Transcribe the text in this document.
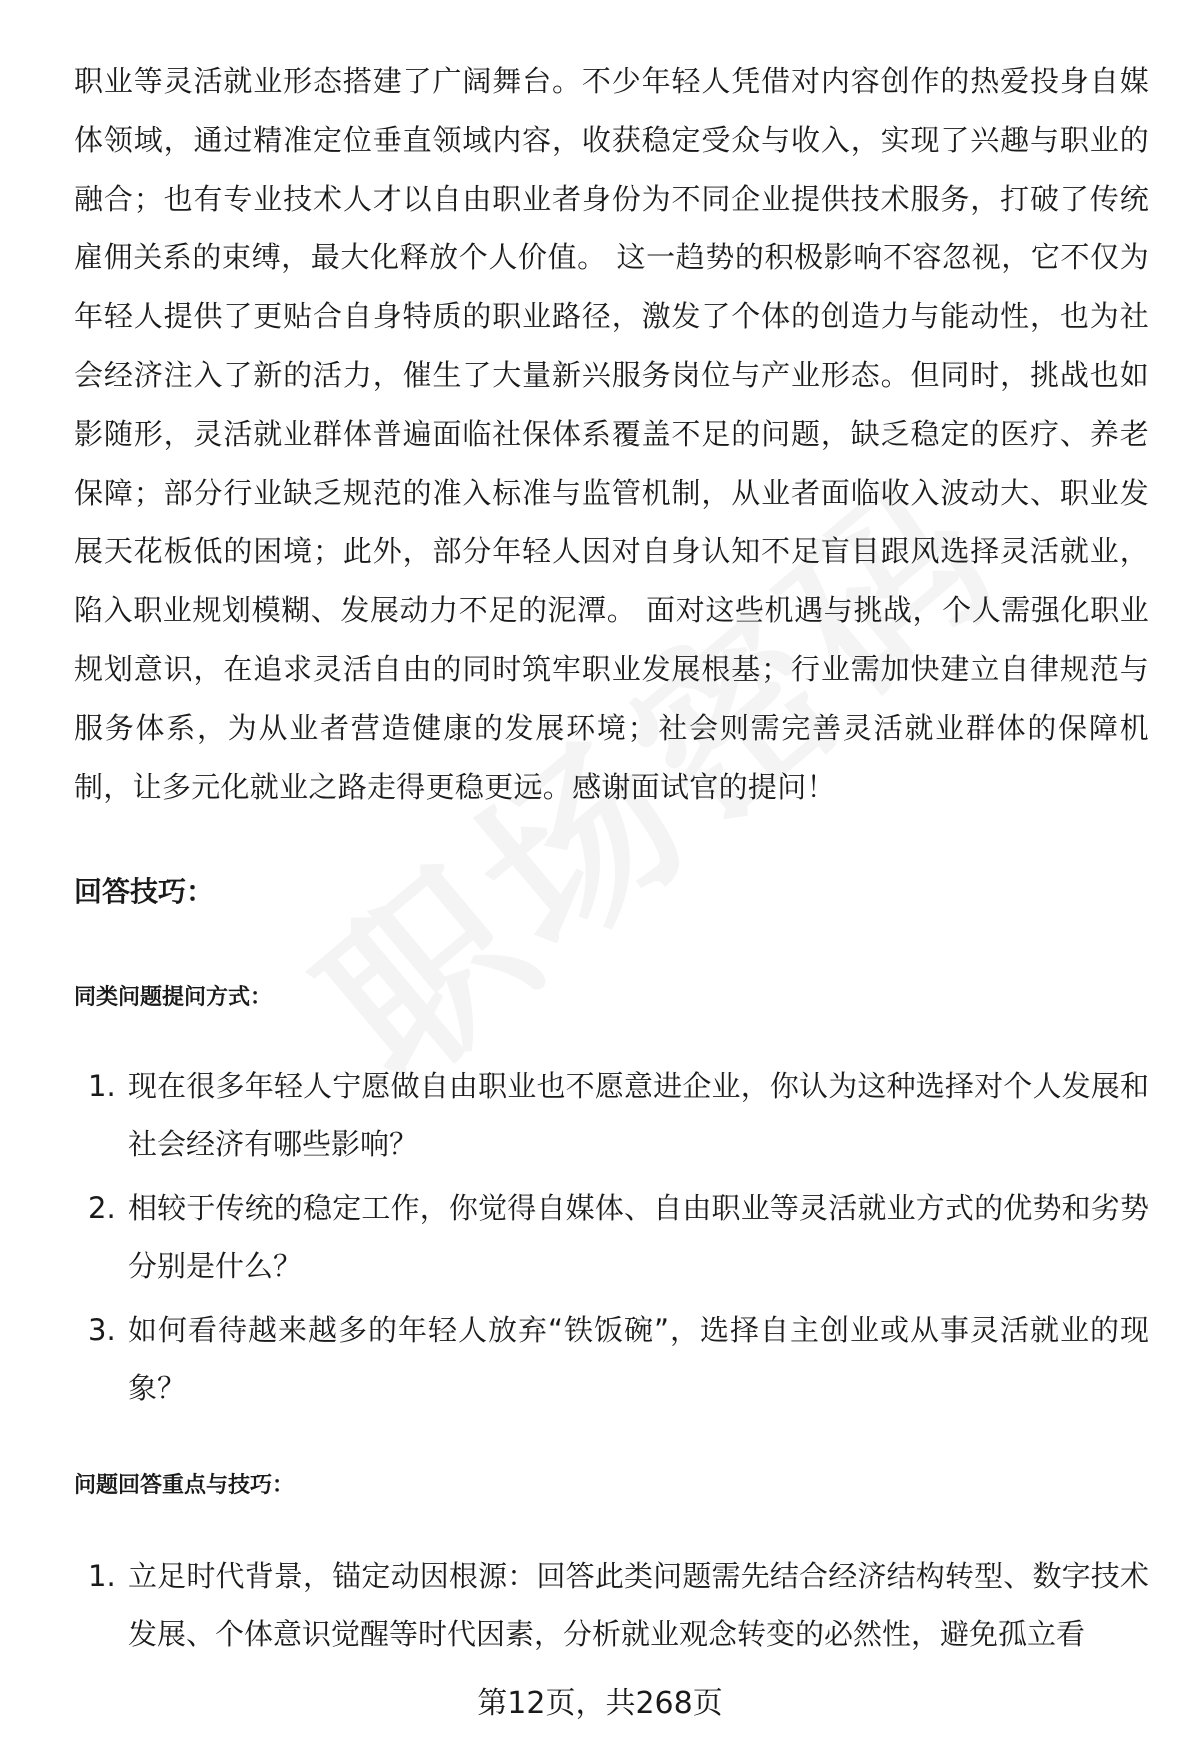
职业等灵活就业形态搭建了广阔舞台。不少年轻人凭借对内容创作的热爱投身自媒体领域，通过精准定位垂直领域内容，收获稳定受众与收入，实现了兴趣与职业的融合；也有专业技术人才以自由职业者身份为不同企业提供技术服务，打破了传统雇佣关系的束缚，最大化释放个人价值。 这一趋势的积极影响不容忽视，它不仅为年轻人提供了更贴合自身特质的职业路径，激发了个体的创造力与能动性，也为社会经济注入了新的活力，催生了大量新兴服务岗位与产业形态。但同时，挑战也如影随形，灵活就业群体普遍面临社保体系覆盖不足的问题，缺乏稳定的医疗、养老保障；部分行业缺乏规范的准入标准与监管机制，从业者面临收入波动大、职业发展天花板低的困境；此外，部分年轻人因对自身认知不足盲目跟风选择灵活就业，陷入职业规划模糊、发展动力不足的泥潭。 面对这些机遇与挑战，个人需强化职业规划意识，在追求灵活自由的同时筑牢职业发展根基；行业需加快建立自律规范与服务体系，为从业者营造健康的发展环境；社会则需完善灵活就业群体的保障机制，让多元化就业之路走得更稳更远。感谢面试官的提问！

回答技巧：
同类问题提问方式：
1. 现在很多年轻人宁愿做自由职业也不愿意进企业，你认为这种选择对个人发展和社会经济有哪些影响？
2. 相较于传统的稳定工作，你觉得自媒体、自由职业等灵活就业方式的优势和劣势分别是什么？
3. 如何看待越来越多的年轻人放弃“铁饭碗”，选择自主创业或从事灵活就业的现象？
问题回答重点与技巧：
1. 立足时代背景，锚定动因根源：回答此类问题需先结合经济结构转型、数字技术发展、个体意识觉醒等时代因素，分析就业观念转变的必然性，避免孤立看

第12页，共268页
